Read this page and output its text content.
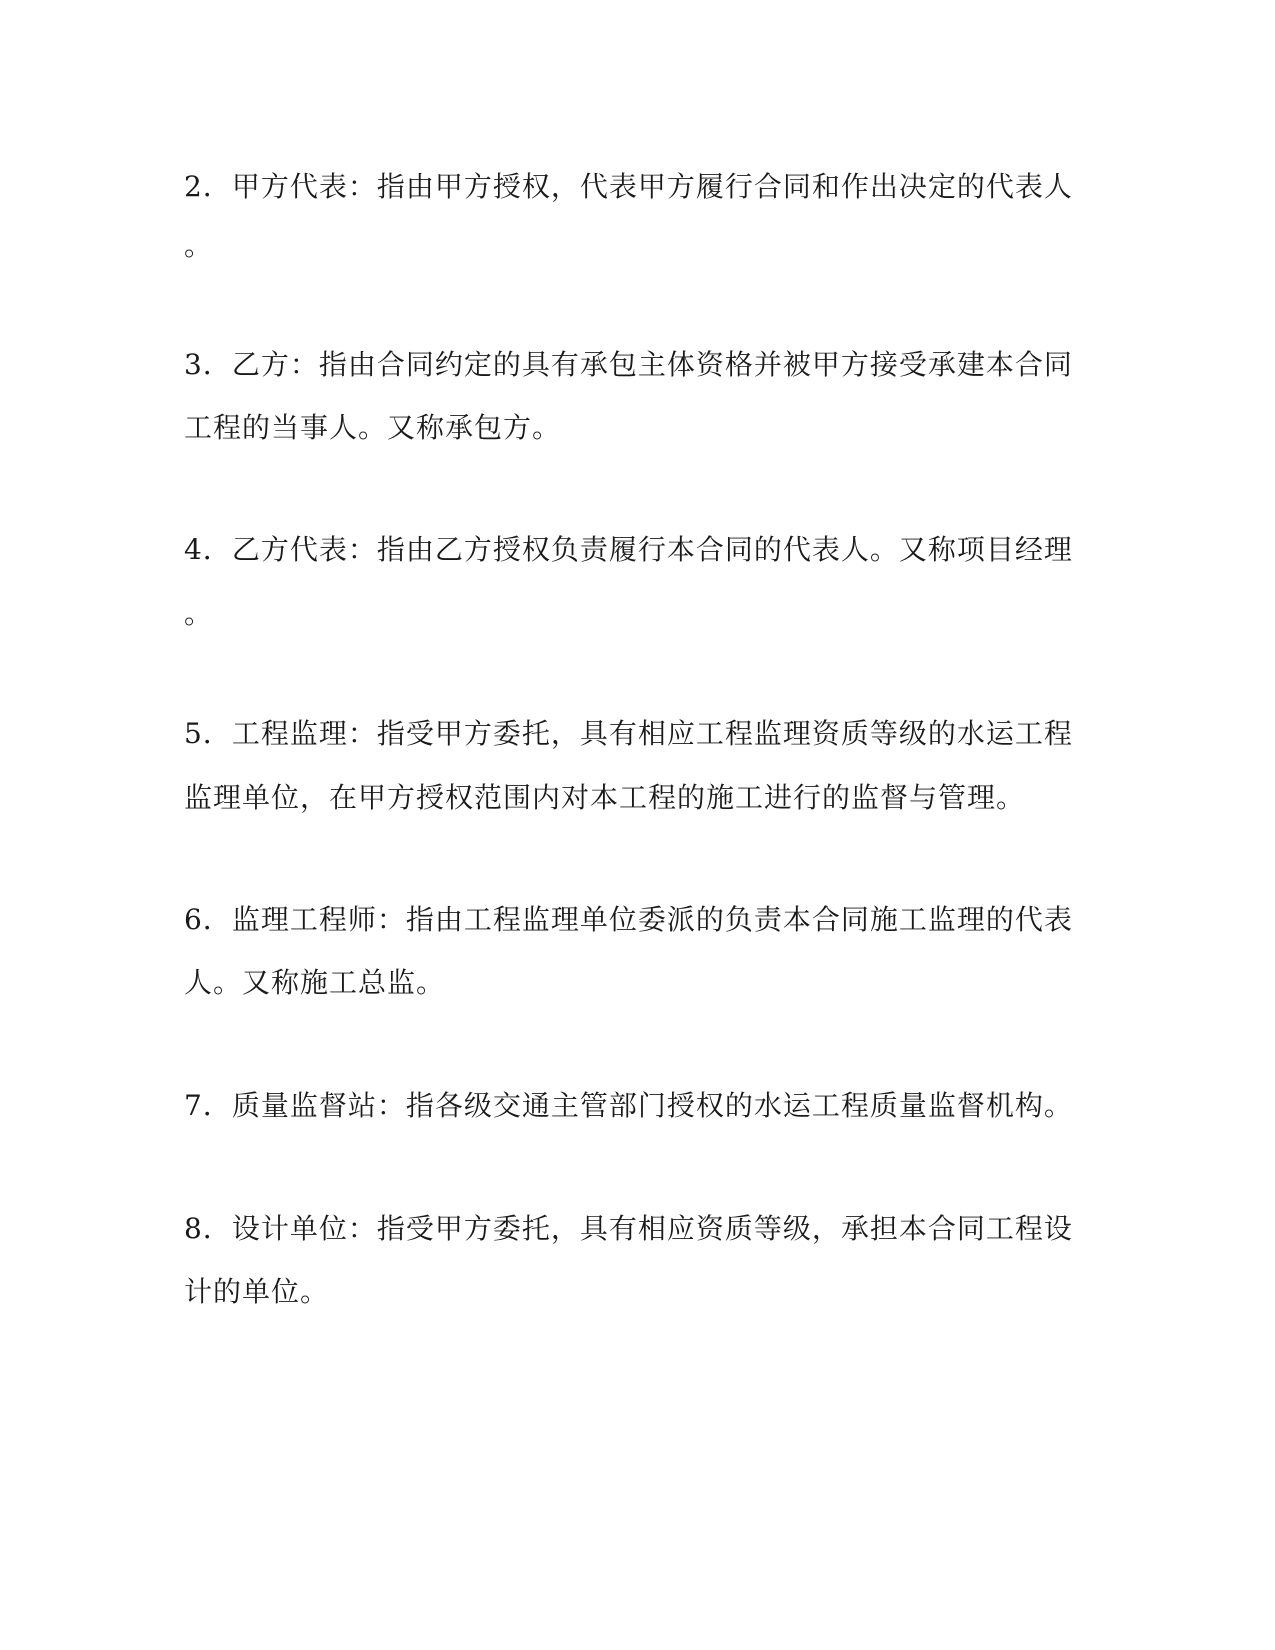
2．甲方代表：指由甲方授权，代表甲方履行合同和作出决定的代表人
。
3．乙方：指由合同约定的具有承包主体资格并被甲方接受承建本合同
工程的当事人。又称承包方。
4．乙方代表：指由乙方授权负责履行本合同的代表人。又称项目经理
。
5．工程监理：指受甲方委托，具有相应工程监理资质等级的水运工程
监理单位，在甲方授权范围内对本工程的施工进行的监督与管理。
6．监理工程师：指由工程监理单位委派的负责本合同施工监理的代表
人。又称施工总监。
7．质量监督站：指各级交通主管部门授权的水运工程质量监督机构。
8．设计单位：指受甲方委托，具有相应资质等级，承担本合同工程设
计的单位。
